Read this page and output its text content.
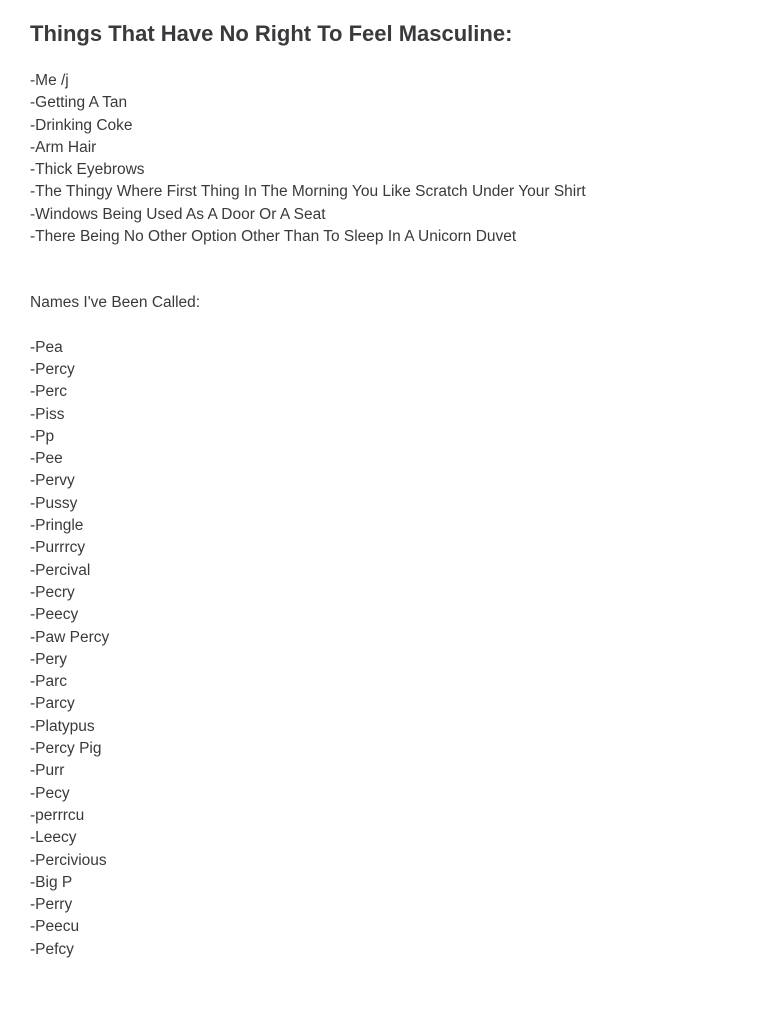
Things That Have No Right To Feel Masculine:
-Me /j
-Getting A Tan
-Drinking Coke
-Arm Hair
-Thick Eyebrows
-The Thingy Where First Thing In The Morning You Like Scratch Under Your Shirt
-Windows Being Used As A Door Or A Seat
-There Being No Other Option Other Than To Sleep In A Unicorn Duvet

Names I've Been Called:

-Pea
-Percy
-Perc
-Piss
-Pp
-Pee
-Pervy
-Pussy
-Pringle
-Purrrcy
-Percival
-Pecry
-Peecy
-Paw Percy
-Pery
-Parc
-Parcy
-Platypus
-Percy Pig
-Purr
-Pecy
-perrrcu
-Leecy
-Percivious
-Big P
-Perry
-Peecu
-Pefcy
